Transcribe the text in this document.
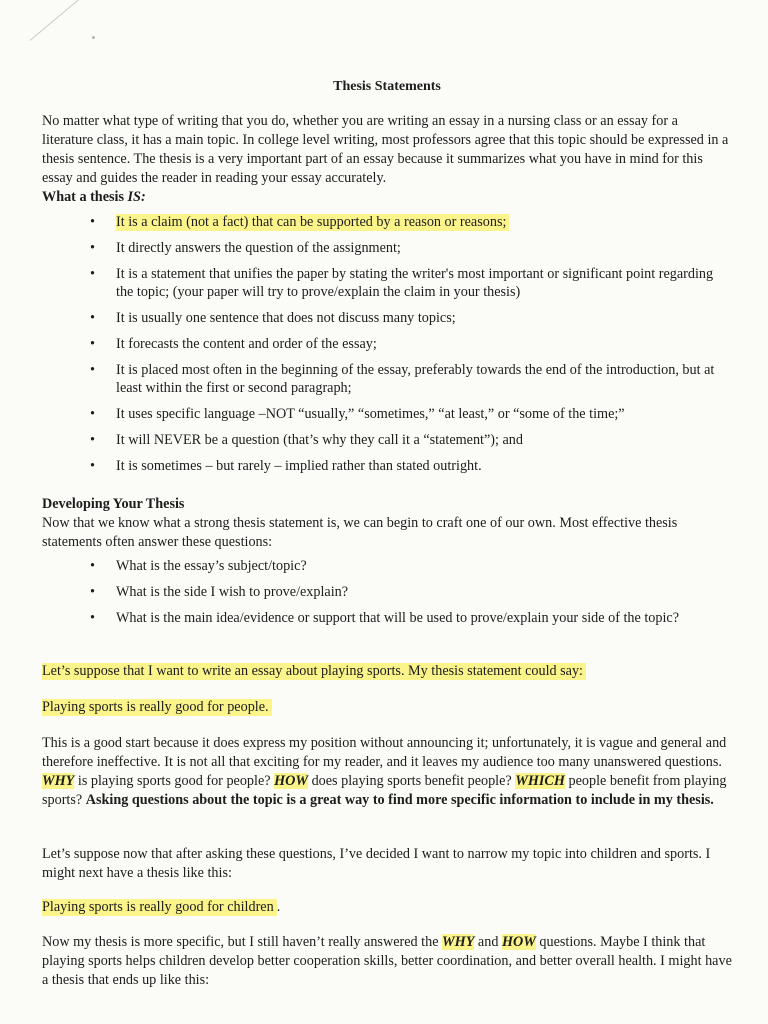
Thesis Statements
No matter what type of writing that you do, whether you are writing an essay in a nursing class or an essay for a literature class, it has a main topic. In college level writing, most professors agree that this topic should be expressed in a thesis sentence. The thesis is a very important part of an essay because it summarizes what you have in mind for this essay and guides the reader in reading your essay accurately.
What a thesis IS:
• It is a claim (not a fact) that can be supported by a reason or reasons;
• It directly answers the question of the assignment;
• It is a statement that unifies the paper by stating the writer's most important or significant point regarding the topic; (your paper will try to prove/explain the claim in your thesis)
• It is usually one sentence that does not discuss many topics;
• It forecasts the content and order of the essay;
• It is placed most often in the beginning of the essay, preferably towards the end of the introduction, but at least within the first or second paragraph;
• It uses specific language –NOT “usually,” “sometimes,” “at least,” or “some of the time;”
• It will NEVER be a question (that’s why they call it a “statement”); and
• It is sometimes – but rarely – implied rather than stated outright.
Developing Your Thesis
Now that we know what a strong thesis statement is, we can begin to craft one of our own. Most effective thesis statements often answer these questions:
• What is the essay’s subject/topic?
• What is the side I wish to prove/explain?
• What is the main idea/evidence or support that will be used to prove/explain your side of the topic?
Let’s suppose that I want to write an essay about playing sports. My thesis statement could say:
Playing sports is really good for people.
This is a good start because it does express my position without announcing it; unfortunately, it is vague and general and therefore ineffective. It is not all that exciting for my reader, and it leaves my audience too many unanswered questions. WHY is playing sports good for people? HOW does playing sports benefit people? WHICH people benefit from playing sports? Asking questions about the topic is a great way to find more specific information to include in my thesis.
Let’s suppose now that after asking these questions, I’ve decided I want to narrow my topic into children and sports. I might next have a thesis like this:
Playing sports is really good for children .
Now my thesis is more specific, but I still haven’t really answered the WHY and HOW questions. Maybe I think that playing sports helps children develop better cooperation skills, better coordination, and better overall health. I might have a thesis that ends up like this:
